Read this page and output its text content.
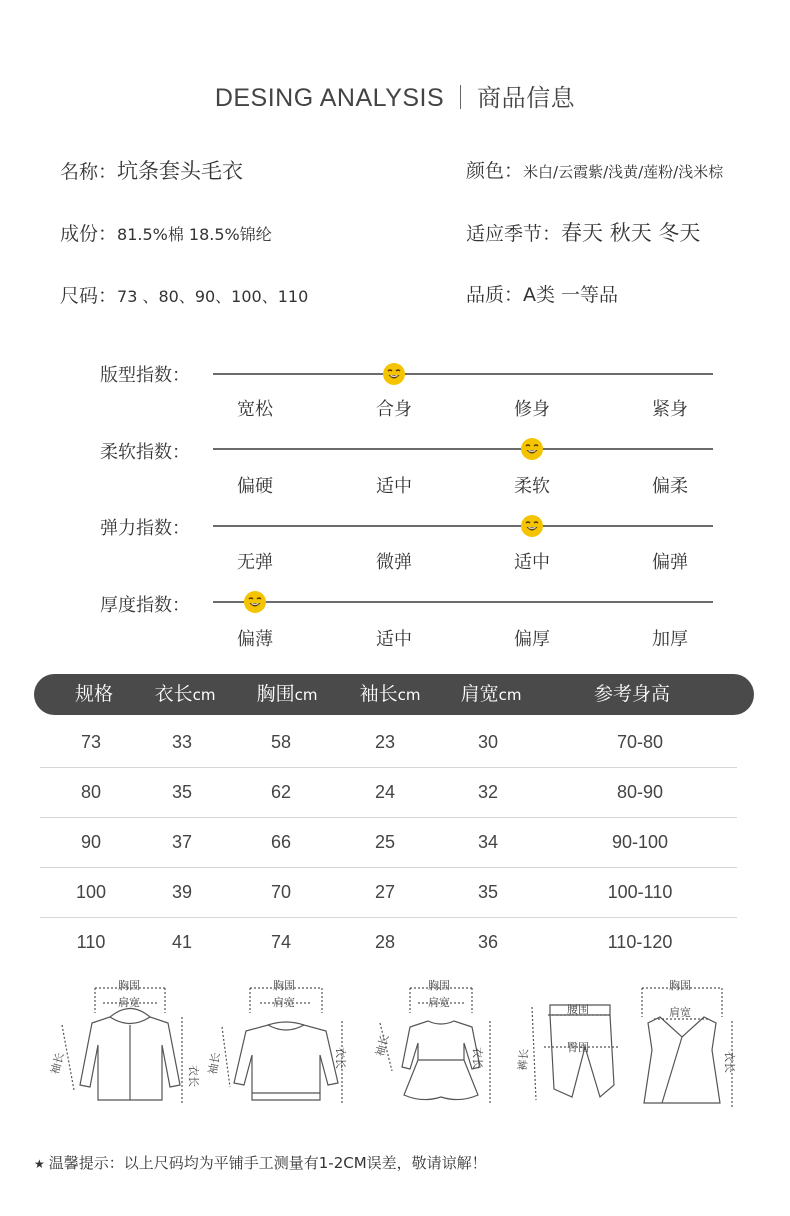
DESING ANALYSIS 商品信息
名称：坑条套头毛衣	颜色：米白/云霞紫/浅黄/莲粉/浅米棕
成份：81.5%棉 18.5%锦纶	适应季节：春天 秋天 冬天
尺码：73 、80、90、100、110	品质：A类 一等品
版型指数：
宽松	合身	修身	紧身
柔软指数：
偏硬	适中	柔软	偏柔
弹力指数：
无弹	微弹	适中	偏弹
厚度指数：
偏薄	适中	偏厚	加厚
规格 衣长cm 胸围cm 袖长cm 肩宽cm	参考身高
73	33	58	23	30	70-80
80	35	62	24	32	80-90
90	37	66	25	34	90-100
100	39	70	27	35	100-110
110	41	74	28	36	110-120
胸围
肩宽
衣长
袖长
胸围
肩宽
衣长
袖长
胸围
肩宽
衣长
袖长
腰围
臀围
裤长
胸围
肩宽
衣长
★ 温馨提示：以上尺码均为平铺手工测量有1-2CM误差，敬请谅解！
